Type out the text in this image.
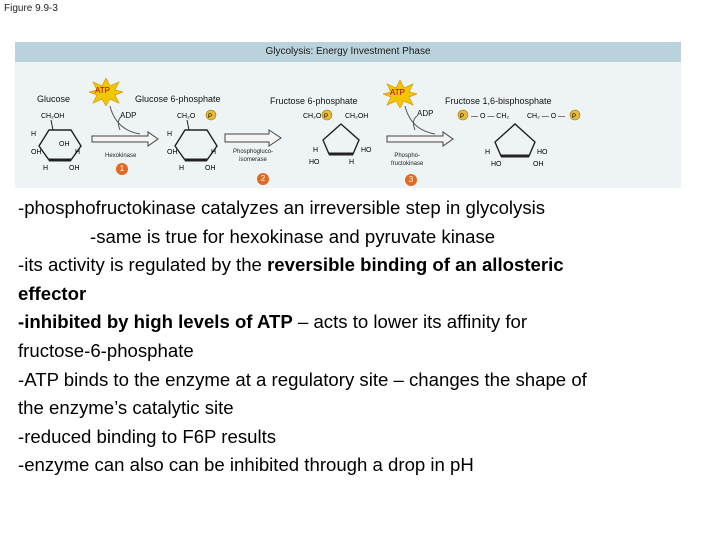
Figure 9.9-3
Glycolysis: Energy Investment Phase
Glucose	Glucose 6-phosphate	Fructose 6-phosphate	Fructose 1,6-bisphosphate
ATP	ATP
ADP	ADP
Hexokinase
Phosphogluco-
isomerase
Phospho-
fructokinase
1
2	3
CH₂OH
H
OH	H
H	OH
OH
CH₂O P
H
OH	H
H	OH
CH₂O P CH₂OH
H	HO
HO	H
P — O — CH₂	CH₂ — O — P
H	HO
HO	OH

-phosphofructokinase catalyzes an irreversible step in glycolysis

-same is true for hexokinase and pyruvate kinase

-its activity is regulated by the reversible binding of an allosteric

effector

-inhibited by high levels of ATP – acts to lower its affinity for

fructose-6-phosphate

-ATP binds to the enzyme at a regulatory site – changes the shape of

the enzyme’s catalytic site

-reduced binding to F6P results

-enzyme can also can be inhibited through a drop in pH
